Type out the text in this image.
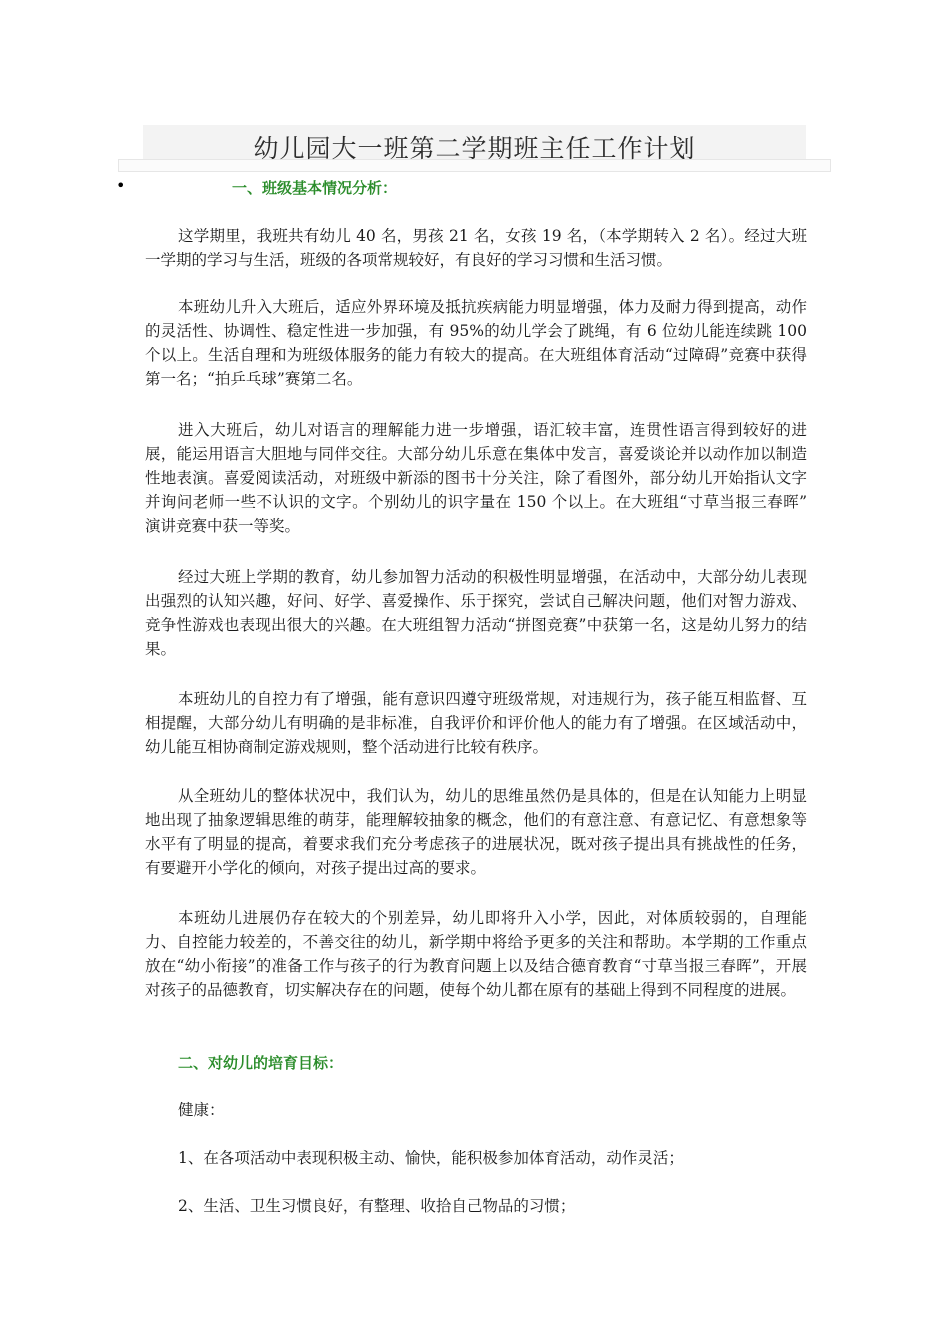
幼儿园大一班第二学期班主任工作计划
•	一、班级基本情况分析：

这学期里，我班共有幼儿 40 名，男孩 21 名，女孩 19 名，（本学期转入 2 名）。经过大班一学期的学习与生活，班级的各项常规较好，有良好的学习习惯和生活习惯。

本班幼儿升入大班后，适应外界环境及抵抗疾病能力明显增强，体力及耐力得到提高，动作的灵活性、协调性、稳定性进一步加强，有 95%的幼儿学会了跳绳，有 6 位幼儿能连续跳 100 个以上。生活自理和为班级体服务的能力有较大的提高。在大班组体育活动“过障碍”竞赛中获得第一名；“拍乒乓球”赛第二名。

进入大班后，幼儿对语言的理解能力进一步增强，语汇较丰富，连贯性语言得到较好的进展，能运用语言大胆地与同伴交往。大部分幼儿乐意在集体中发言，喜爱谈论并以动作加以制造性地表演。喜爱阅读活动，对班级中新添的图书十分关注，除了看图外，部分幼儿开始指认文字并询问老师一些不认识的文字。个别幼儿的识字量在 150 个以上。在大班组“寸草当报三春晖” 演讲竞赛中获一等奖。

经过大班上学期的教育，幼儿参加智力活动的积极性明显增强，在活动中，大部分幼儿表现出强烈的认知兴趣，好问、好学、喜爱操作、乐于探究，尝试自己解决问题，他们对智力游戏、竞争性游戏也表现出很大的兴趣。在大班组智力活动“拼图竞赛”中获第一名，这是幼儿努力的结果。

本班幼儿的自控力有了增强，能有意识四遵守班级常规，对违规行为，孩子能互相监督、互相提醒，大部分幼儿有明确的是非标准，自我评价和评价他人的能力有了增强。在区域活动中，幼儿能互相协商制定游戏规则，整个活动进行比较有秩序。

从全班幼儿的整体状况中，我们认为，幼儿的思维虽然仍是具体的，但是在认知能力上明显地出现了抽象逻辑思维的萌芽，能理解较抽象的概念，他们的有意注意、有意记忆、有意想象等水平有了明显的提高，着要求我们充分考虑孩子的进展状况，既对孩子提出具有挑战性的任务，有要避开小学化的倾向，对孩子提出过高的要求。

本班幼儿进展仍存在较大的个别差异，幼儿即将升入小学，因此，对体质较弱的，自理能力、自控能力较差的，不善交往的幼儿，新学期中将给予更多的关注和帮助。本学期的工作重点放在“幼小衔接”的准备工作与孩子的行为教育问题上以及结合德育教育“寸草当报三春晖”，开展对孩子的品德教育，切实解决存在的问题，使每个幼儿都在原有的基础上得到不同程度的进展。

二、对幼儿的培育目标：

健康：

1、在各项活动中表现积极主动、愉快，能积极参加体育活动，动作灵活；

2、生活、卫生习惯良好，有整理、收拾自己物品的习惯；
